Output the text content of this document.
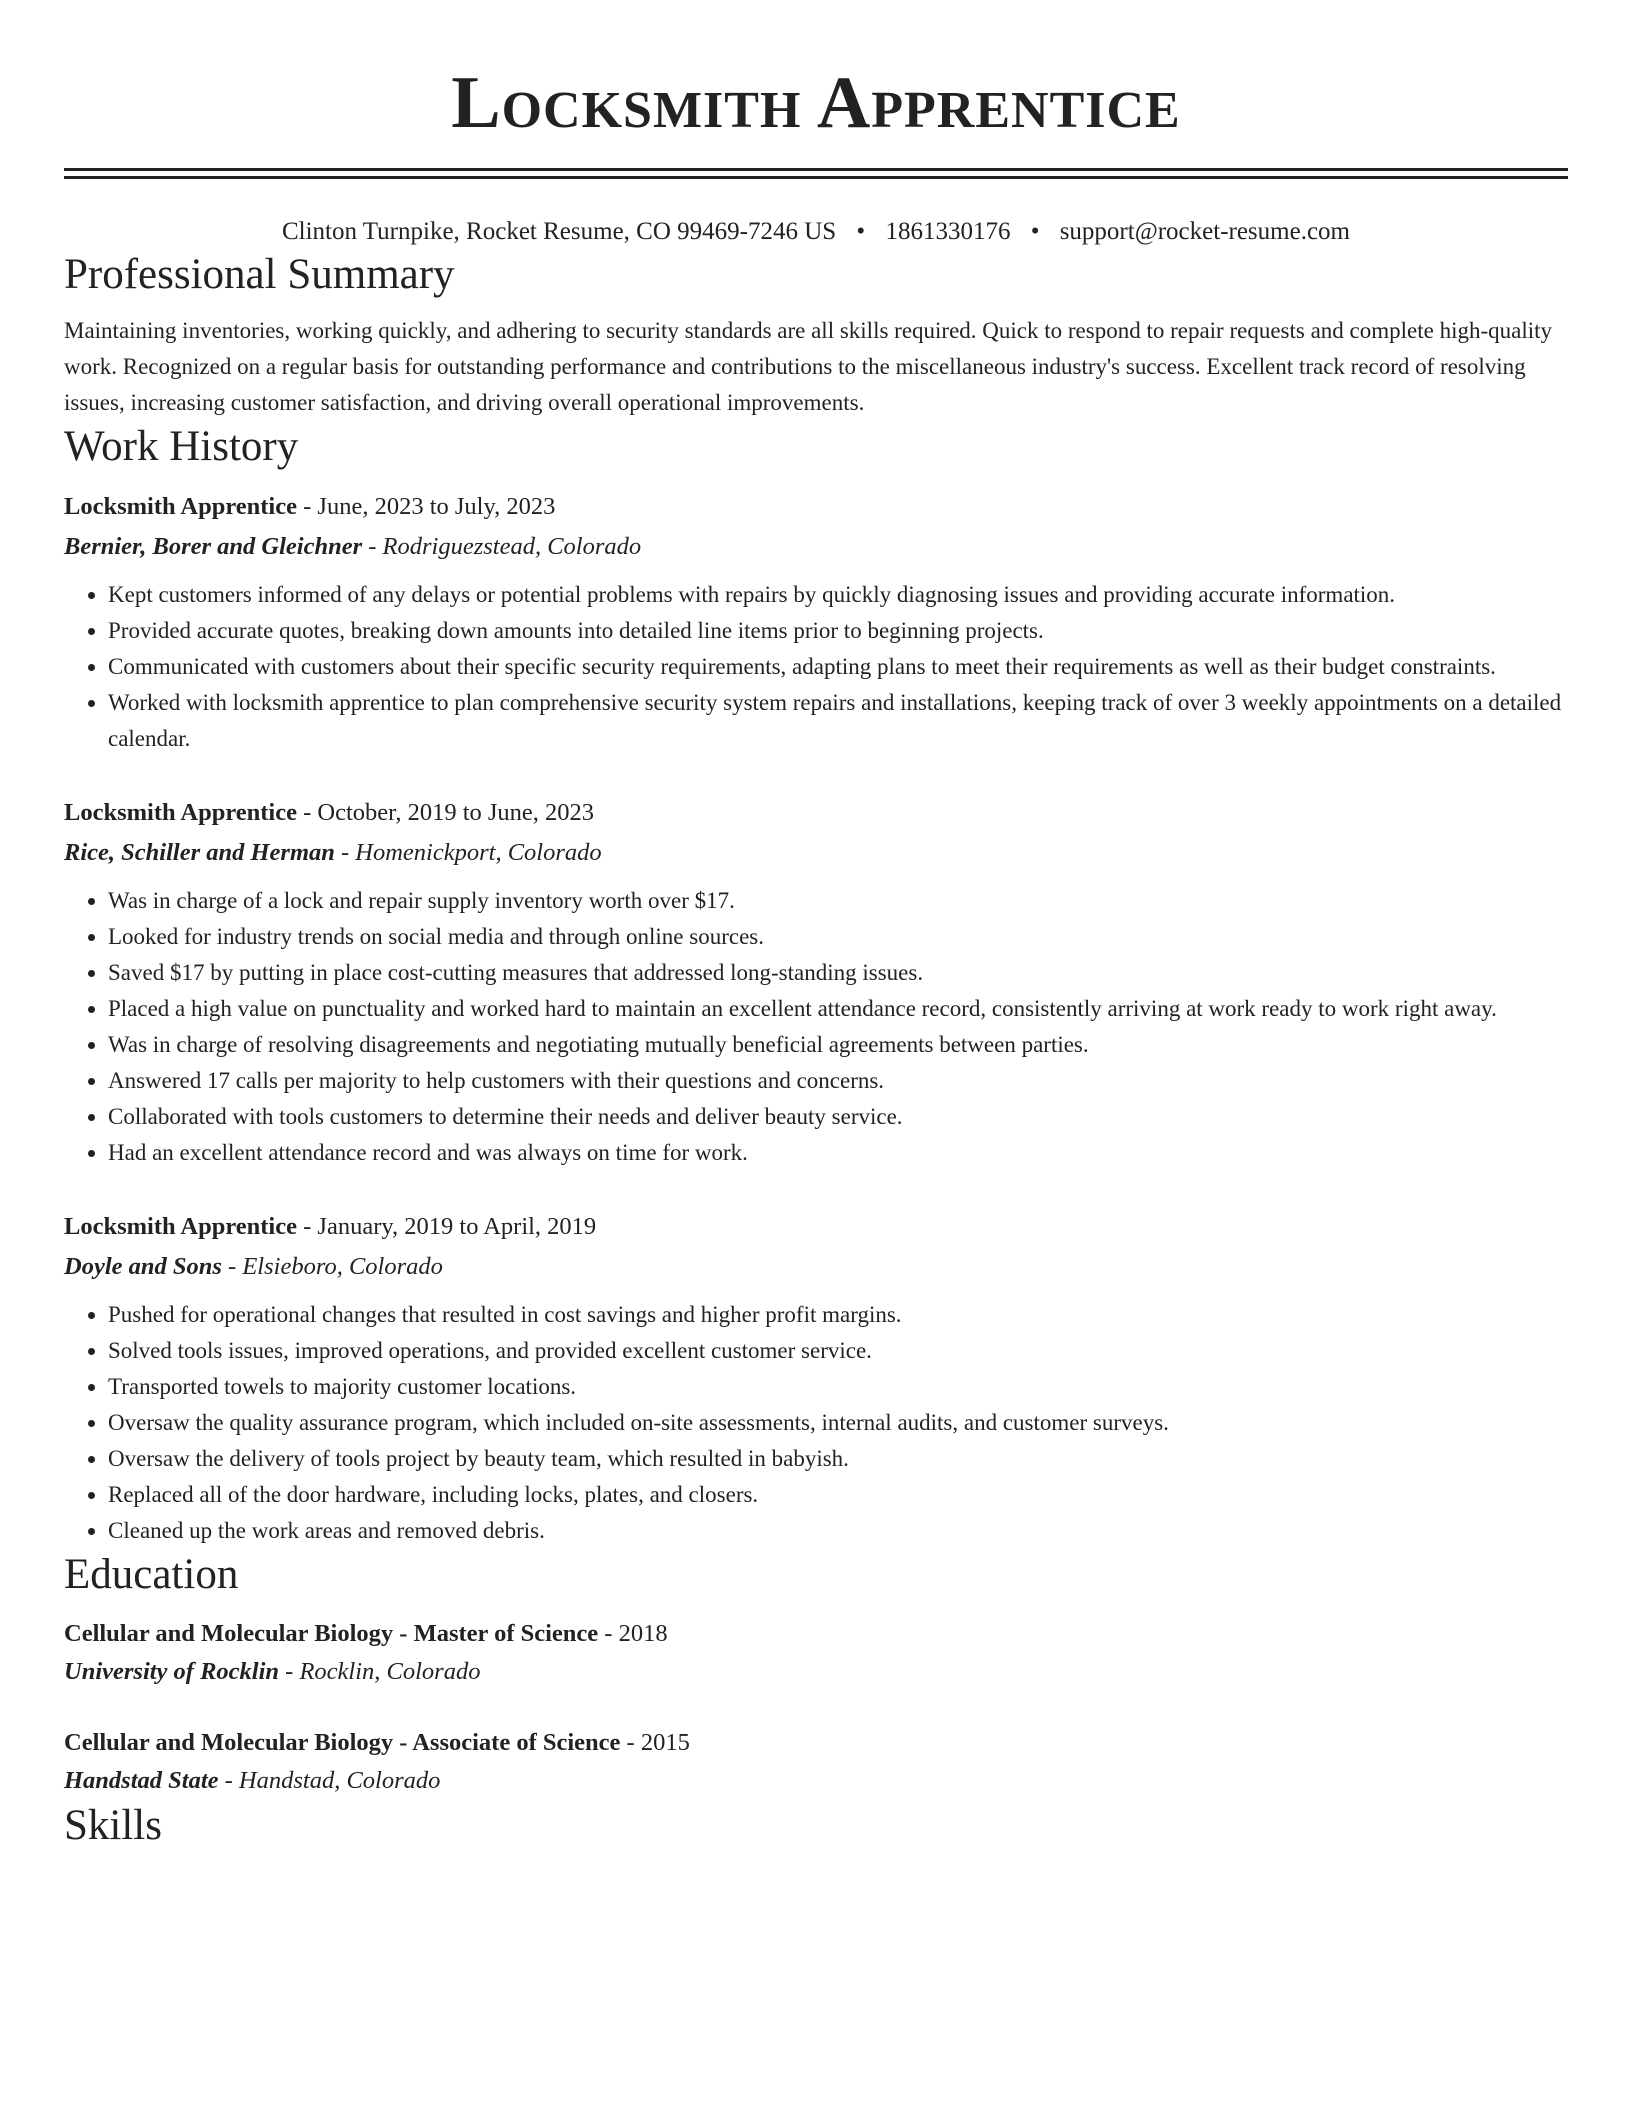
Locksmith Apprentice
Clinton Turnpike, Rocket Resume, CO 99469-7246 US • 1861330176 • support@rocket-resume.com
Professional Summary
Maintaining inventories, working quickly, and adhering to security standards are all skills required. Quick to respond to repair requests and complete high-quality work. Recognized on a regular basis for outstanding performance and contributions to the miscellaneous industry's success. Excellent track record of resolving issues, increasing customer satisfaction, and driving overall operational improvements.
Work History
Locksmith Apprentice - June, 2023 to July, 2023
Bernier, Borer and Gleichner - Rodriguezstead, Colorado
• Kept customers informed of any delays or potential problems with repairs by quickly diagnosing issues and providing accurate information.
• Provided accurate quotes, breaking down amounts into detailed line items prior to beginning projects.
• Communicated with customers about their specific security requirements, adapting plans to meet their requirements as well as their budget constraints.
• Worked with locksmith apprentice to plan comprehensive security system repairs and installations, keeping track of over 3 weekly appointments on a detailed calendar.
Locksmith Apprentice - October, 2019 to June, 2023
Rice, Schiller and Herman - Homenickport, Colorado
• Was in charge of a lock and repair supply inventory worth over $17.
• Looked for industry trends on social media and through online sources.
• Saved $17 by putting in place cost-cutting measures that addressed long-standing issues.
• Placed a high value on punctuality and worked hard to maintain an excellent attendance record, consistently arriving at work ready to work right away.
• Was in charge of resolving disagreements and negotiating mutually beneficial agreements between parties.
• Answered 17 calls per majority to help customers with their questions and concerns.
• Collaborated with tools customers to determine their needs and deliver beauty service.
• Had an excellent attendance record and was always on time for work.
Locksmith Apprentice - January, 2019 to April, 2019
Doyle and Sons - Elsieboro, Colorado
• Pushed for operational changes that resulted in cost savings and higher profit margins.
• Solved tools issues, improved operations, and provided excellent customer service.
• Transported towels to majority customer locations.
• Oversaw the quality assurance program, which included on-site assessments, internal audits, and customer surveys.
• Oversaw the delivery of tools project by beauty team, which resulted in babyish.
• Replaced all of the door hardware, including locks, plates, and closers.
• Cleaned up the work areas and removed debris.
Education
Cellular and Molecular Biology - Master of Science - 2018
University of Rocklin - Rocklin, Colorado
Cellular and Molecular Biology - Associate of Science - 2015
Handstad State - Handstad, Colorado
Skills
